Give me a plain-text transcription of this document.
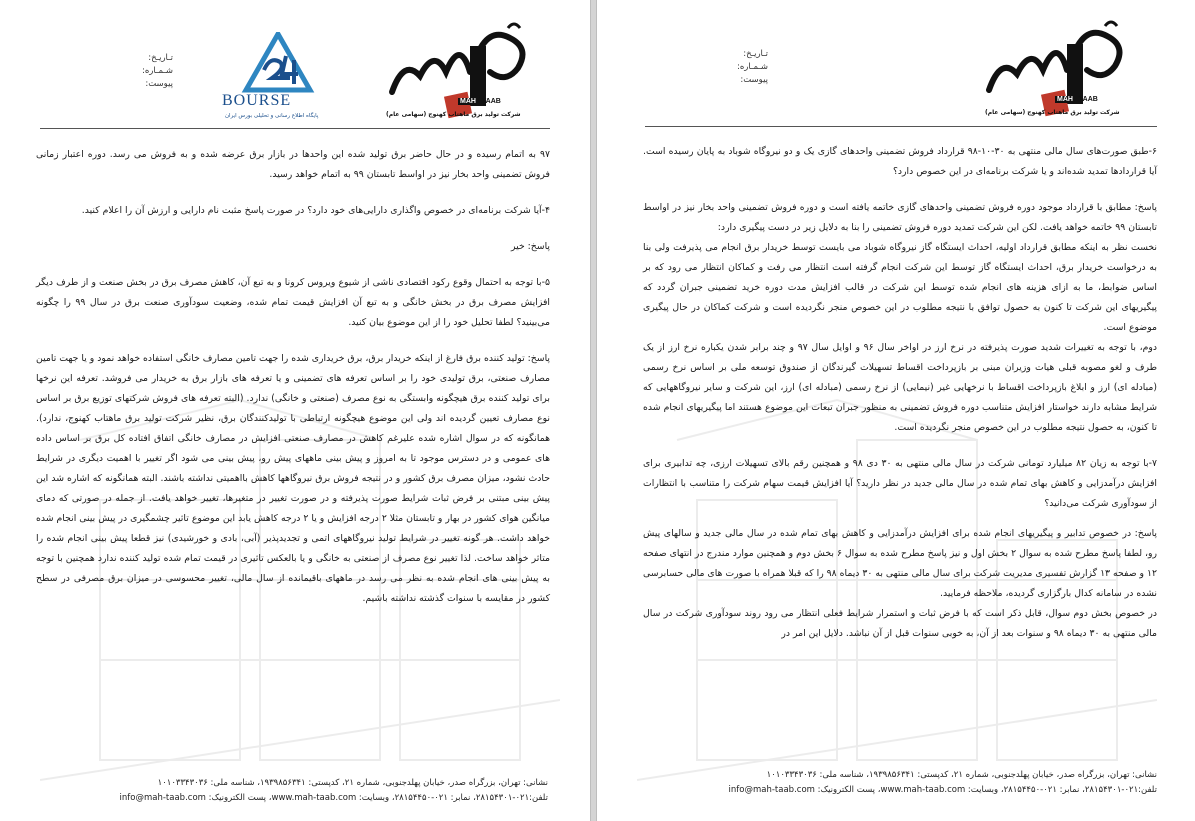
تـاریـخ:
شـمـاره:
پیوست:
BOURSE
پایگاه اطلاع رسانی و تحلیلی بورس ایران
MAH TAAB
شرکت تولید برق ماهتاب کهنوج (سهامی عام)

۹۷ به اتمام رسیده و در حال حاضر برق تولید شده این واحدها در بازار برق عرضه شده و به فروش می رسد. دوره اعتبار زمانی فروش تضمینی واحد بخار نیز در اواسط تابستان ۹۹ به اتمام خواهد رسید.

۴-آیا شرکت برنامه‌ای در خصوص واگذاری دارایی‌های خود دارد؟ در صورت پاسخ مثبت نام دارایی و ارزش آن را اعلام کنید.

پاسخ: خیر

۵-با توجه به احتمال وقوع رکود اقتصادی ناشی از شیوع ویروس کرونا و به تبع آن، کاهش مصرف برق در بخش صنعت و از طرف دیگر افزایش مصرف برق در بخش خانگی و به تبع آن افزایش قیمت تمام شده، وضعیت سودآوری صنعت برق در سال ۹۹ را چگونه می‌بینید؟ لطفا تحلیل خود را از این موضوع بیان کنید.

پاسخ: تولید کننده برق فارغ از اینکه خریدار برق، برق خریداری شده را جهت تامین مصارف خانگی استفاده خواهد نمود و یا جهت تامین مصارف صنعتی، برق تولیدی خود را بر اساس تعرفه های تضمینی و یا تعرفه های بازار برق به خریدار می فروشد. تعرفه این نرخها برای تولید کننده برق هیچگونه وابستگی به نوع مصرف (صنعتی و خانگی) ندارد. (البته تعرفه های فروش شرکتهای توزیع برق بر اساس نوع مصارف تعیین گردیده اند ولی این موضوع هیچگونه ارتباطی با تولیدکنندگان برق، نظیر شرکت تولید برق ماهتاب کهنوج، ندارد). همانگونه که در سوال اشاره شده علیرغم کاهش در مصارف صنعتی افزایش در مصارف خانگی اتفاق افتاده کل برق بر اساس داده های عمومی و در دسترس موجود تا به امروز و پیش بینی ماههای پیش رو، پیش بینی می شود اگر تغییر با اهمیت دیگری در شرایط حادث نشود، میزان مصرف برق کشور و در نتیجه فروش برق نیروگاهها کاهش بااهمیتی نداشته باشند. البته همانگونه که اشاره شد این پیش بینی مبتنی بر فرض ثبات شرایط صورت پذیرفته و در صورت تغییر در متغیرها، تغییر خواهد یافت. از جمله در صورتی که دمای میانگین هوای کشور در بهار و تابستان مثلا ۲ درجه افزایش و یا ۲ درجه کاهش یابد این موضوع تاثیر چشمگیری در پیش بینی انجام شده خواهد داشت. هر گونه تغییر در شرایط تولید نیروگاههای اتمی و تجدیدپذیر (آبی، بادی و خورشیدی) نیز قطعا پیش بینی انجام شده را متاثر خواهد ساخت. لذا تغییر نوع مصرف از صنعتی به خانگی و یا بالعکس تاثیری در قیمت تمام شده تولید کننده ندارد همچنین با توجه به پیش بینی های انجام شده به نظر می رسد در ماههای باقیمانده از سال مالی، تغییر محسوسی در میزان برق مصرفی در سطح کشور در مقایسه با سنوات گذشته نداشته باشیم.

نشانی: تهران، بزرگراه صدر، خیابان پهلدجنوبی، شماره ۲۱، کدپستی: ۱۹۳۹۸۵۶۳۴۱، شناسه ملی: ۱۰۱۰۳۳۴۳۰۳۶
تلفن:۰۲۱-۲۸۱۵۴۳۰۱، نمابر: ۰۲۱-۲۸۱۵۴۴۵۰، وبسایت: www.mah-taab.com، پست الکترونیک: info@mah-taab.com
تـاریـخ:
شـمـاره:
پیوست:
MAH TAAB
شرکت تولید برق ماهتاب کهنوج (سهامی عام)

۶-طبق صورت‌های سال مالی منتهی به ۳۰-۱۰-۹۸ قرارداد فروش تضمینی واحدهای گازی یک و دو نیروگاه شوباد به پایان رسیده است. آیا قراردادها تمدید شده‌اند و یا شرکت برنامه‌ای در این خصوص دارد؟

پاسخ: مطابق با قرارداد موجود دوره فروش تضمینی واحدهای گازی خاتمه یافته است و دوره فروش تضمینی واحد بخار نیز در اواسط تابستان ۹۹ خاتمه خواهد یافت. لکن این شرکت تمدید دوره فروش تضمینی را بنا به دلایل زیر در دست پیگیری دارد:

نخست نظر به اینکه مطابق قرارداد اولیه، احداث ایستگاه گاز نیروگاه شوباد می بایست توسط خریدار برق انجام می پذیرفت ولی بنا به درخواست خریدار برق، احداث ایستگاه گاز توسط این شرکت انجام گرفته است انتظار می رفت و کماکان انتظار می رود که بر اساس ضوابط، ما به ازای هزینه های انجام شده توسط این شرکت در قالب افزایش مدت دوره خرید تضمینی جبران گردد که پیگیریهای این شرکت تا کنون به حصول توافق با نتیجه مطلوب در این خصوص منجر نگردیده است و شرکت کماکان در حال پیگیری موضوع است.

دوم، با توجه به تغییرات شدید صورت پذیرفته در نرخ ارز در اواخر سال ۹۶ و اوایل سال ۹۷ و چند برابر شدن یکباره نرخ ارز از یک طرف و لغو مصوبه قبلی هیات وزیران مبنی بر بازپرداخت اقساط تسهیلات گیرندگان از صندوق توسعه ملی بر اساس نرخ رسمی (مبادله ای) ارز و ابلاغ بازپرداخت اقساط با نرخهایی غیر (نیمایی) از نرخ رسمی (مبادله ای) ارز، این شرکت و سایر نیروگاههایی که شرایط مشابه دارند خواستار افزایش متناسب دوره فروش تضمینی به منظور جبران تبعات این موضوع هستند اما پیگیریهای انجام شده تا کنون، به حصول نتیجه مطلوب در این خصوص منجر نگردیده است.

۷-با توجه به زیان ۸۲ میلیارد تومانی شرکت در سال مالی منتهی به ۳۰ دی ۹۸ و همچنین رقم بالای تسهیلات ارزی، چه تدابیری برای افزایش درآمدزایی و کاهش بهای تمام شده در سال مالی جدید در نظر دارید؟ آیا افزایش قیمت سهام شرکت را متناسب با انتظارات از سودآوری شرکت می‌دانید؟

پاسخ: در خصوص تدابیر و پیگیریهای انجام شده برای افزایش درآمدزایی و کاهش بهای تمام شده در سال مالی جدید و سالهای پیش رو، لطفا پاسخ مطرح شده به سوال ۲ بخش اول و نیز پاسخ مطرح شده به سوال ۶ بخش دوم و همچنین موارد مندرج در انتهای صفحه ۱۲ و صفحه ۱۳ گزارش تفسیری مدیریت شرکت برای سال مالی منتهی به ۳۰ دیماه ۹۸ را که قبلا همراه با صورت های مالی حسابرسی نشده در سامانه کدال بارگزاری گردیده، ملاحظه فرمایید.

در خصوص بخش دوم سوال، قابل ذکر است که با فرض ثبات و استمرار شرایط فعلی انتظار می رود روند سودآوری شرکت در سال مالی منتهی به ۳۰ دیماه ۹۸ و سنوات بعد از آن، به خوبی سنوات قبل از آن نباشد. دلایل این امر در

نشانی: تهران، بزرگراه صدر، خیابان پهلدجنوبی، شماره ۲۱، کدپستی: ۱۹۳۹۸۵۶۳۴۱، شناسه ملی: ۱۰۱۰۳۳۴۳۰۳۶
تلفن:۰۲۱-۲۸۱۵۴۳۰۱، نمابر: ۰۲۱-۲۸۱۵۴۴۵۰، وبسایت: www.mah-taab.com، پست الکترونیک: info@mah-taab.com
